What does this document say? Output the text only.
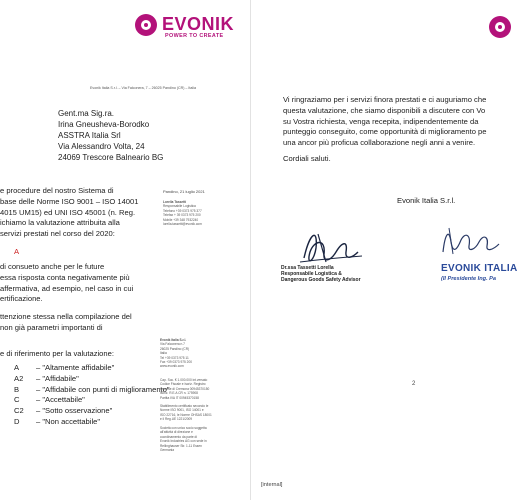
EVONIK
POWER TO CREATE
Evonik Italia S.r.l. – Via Falconera, 7 – 26025 Pandino (CR) – Italia
Gent.ma Sig.ra.
Irina Gneusheva-Borodko
ASSTRA Italia Srl
Via Alessandro Volta, 24
24069 Trescore Balneario BG
Pandino, 21 luglio 2021
Lorella Tassetti
Responsabile Logistica
Telefono +39 0373 975 377
Telefax + 39 0373 975 200
Mobile +39 348 7932240
lorella.tassetti@evonik.com
e procedure del nostro Sistema di
base delle Norme ISO 9001 – ISO 14001
4015 UM15) ed UNI ISO 45001 (n. Reg.
ichiamo la valutazione attribuita alla
servizi prestati nel corso del 2020:
A
di consueto anche per le future
essa risposta conta negativamente più
affermativa, ad esempio, nel caso in cui
ertificazione.
ttenzione stessa nella compilazione del
non già parametri importanti di
e di riferimento per la valutazione:
A – "Altamente affidabile"
A2 – "Affidabile"
B – "Affidabile con punti di miglioramento"
C – "Accettabile"
C2 – "Sotto osservazione"
D – "Non accettabile"
Evonik Italia S.r.l.
Via Falconera n.7
26025 Pandino (CR)
Italia
Tel +39 0373 975 11
Fax +39 0373 975 200
www.evonik.com
Cap. Soc. € 1.000.000 int.versato
Codice Fiscale e Iscriz. Registro
Imprese di Cremona 00945370150
Iscriz. R.E.A CR n. 175908
Partita IVA IT 00945370158
Stabilimento certificato secondo le
Norme ISO 9001, ISO 14001 e
ISO 22716, le Norme OHSAS 18001
e il Reg.UE 1221/2009
Società con unico socio soggetta
all'attività di direzione e
coordinamento da parte di
Evonik Industries AG con sede in
Rellinghauser Str. 1-11 Essen
Germania
Vi ringraziamo per i servizi finora prestati e ci auguriamo che
questa valutazione, che siamo disponibili a discutere con Vo
su Vostra richiesta, venga recepita, indipendentemente da
punteggio conseguito, come opportunità di miglioramento pe
una ancor più proficua collaborazione negli anni a venire.
Cordiali saluti.
Evonik Italia S.r.l.
Dr.ssa Tassetti Lorella
Responsabile Logistica &
Dangerous Goods Safety Advisor
EVONIK ITALIA
(Il Presidente Ing. Pa
2
[internal]
